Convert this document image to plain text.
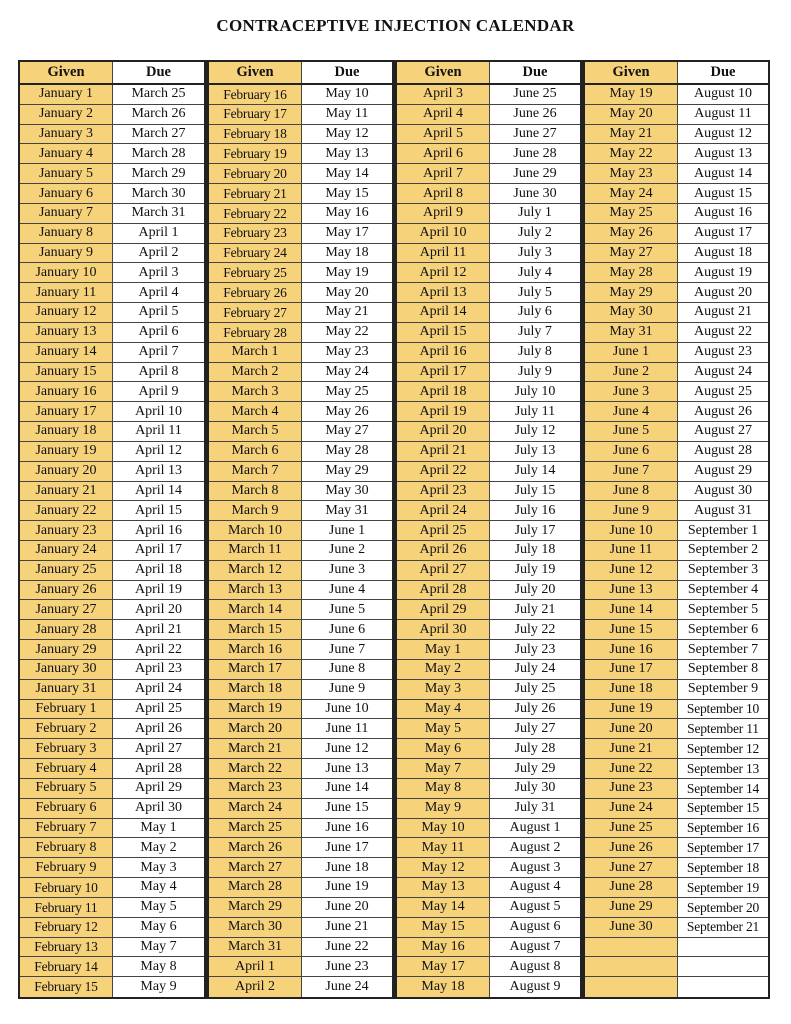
CONTRACEPTIVE INJECTION CALENDAR
Given	Due
January 1	March 25
January 2	March 26
January 3	March 27
January 4	March 28
January 5	March 29
January 6	March 30
January 7	March 31
January 8	April 1
January 9	April 2
January 10	April 3
January 11	April 4
January 12	April 5
January 13	April 6
January 14	April 7
January 15	April 8
January 16	April 9
January 17	April 10
January 18	April 11
January 19	April 12
January 20	April 13
January 21	April 14
January 22	April 15
January 23	April 16
January 24	April 17
January 25	April 18
January 26	April 19
January 27	April 20
January 28	April 21
January 29	April 22
January 30	April 23
January 31	April 24
February 1	April 25
February 2	April 26
February 3	April 27
February 4	April 28
February 5	April 29
February 6	April 30
February 7	May 1
February 8	May 2
February 9	May 3
February 10	May 4
February 11	May 5
February 12	May 6
February 13	May 7
February 14	May 8
February 15	May 9
Given	Due
February 16	May 10
February 17	May 11
February 18	May 12
February 19	May 13
February 20	May 14
February 21	May 15
February 22	May 16
February 23	May 17
February 24	May 18
February 25	May 19
February 26	May 20
February 27	May 21
February 28	May 22
March 1	May 23
March 2	May 24
March 3	May 25
March 4	May 26
March 5	May 27
March 6	May 28
March 7	May 29
March 8	May 30
March 9	May 31
March 10	June 1
March 11	June 2
March 12	June 3
March 13	June 4
March 14	June 5
March 15	June 6
March 16	June 7
March 17	June 8
March 18	June 9
March 19	June 10
March 20	June 11
March 21	June 12
March 22	June 13
March 23	June 14
March 24	June 15
March 25	June 16
March 26	June 17
March 27	June 18
March 28	June 19
March 29	June 20
March 30	June 21
March 31	June 22
April 1	June 23
April 2	June 24
Given	Due
April 3	June 25
April 4	June 26
April 5	June 27
April 6	June 28
April 7	June 29
April 8	June 30
April 9	July 1
April 10	July 2
April 11	July 3
April 12	July 4
April 13	July 5
April 14	July 6
April 15	July 7
April 16	July 8
April 17	July 9
April 18	July 10
April 19	July 11
April 20	July 12
April 21	July 13
April 22	July 14
April 23	July 15
April 24	July 16
April 25	July 17
April 26	July 18
April 27	July 19
April 28	July 20
April 29	July 21
April 30	July 22
May 1	July 23
May 2	July 24
May 3	July 25
May 4	July 26
May 5	July 27
May 6	July 28
May 7	July 29
May 8	July 30
May 9	July 31
May 10	August 1
May 11	August 2
May 12	August 3
May 13	August 4
May 14	August 5
May 15	August 6
May 16	August 7
May 17	August 8
May 18	August 9
Given	Due
May 19	August 10
May 20	August 11
May 21	August 12
May 22	August 13
May 23	August 14
May 24	August 15
May 25	August 16
May 26	August 17
May 27	August 18
May 28	August 19
May 29	August 20
May 30	August 21
May 31	August 22
June 1	August 23
June 2	August 24
June 3	August 25
June 4	August 26
June 5	August 27
June 6	August 28
June 7	August 29
June 8	August 30
June 9	August 31
June 10	September 1
June 11	September 2
June 12	September 3
June 13	September 4
June 14	September 5
June 15	September 6
June 16	September 7
June 17	September 8
June 18	September 9
June 19	September 10
June 20	September 11
June 21	September 12
June 22	September 13
June 23	September 14
June 24	September 15
June 25	September 16
June 26	September 17
June 27	September 18
June 28	September 19
June 29	September 20
June 30	September 21
